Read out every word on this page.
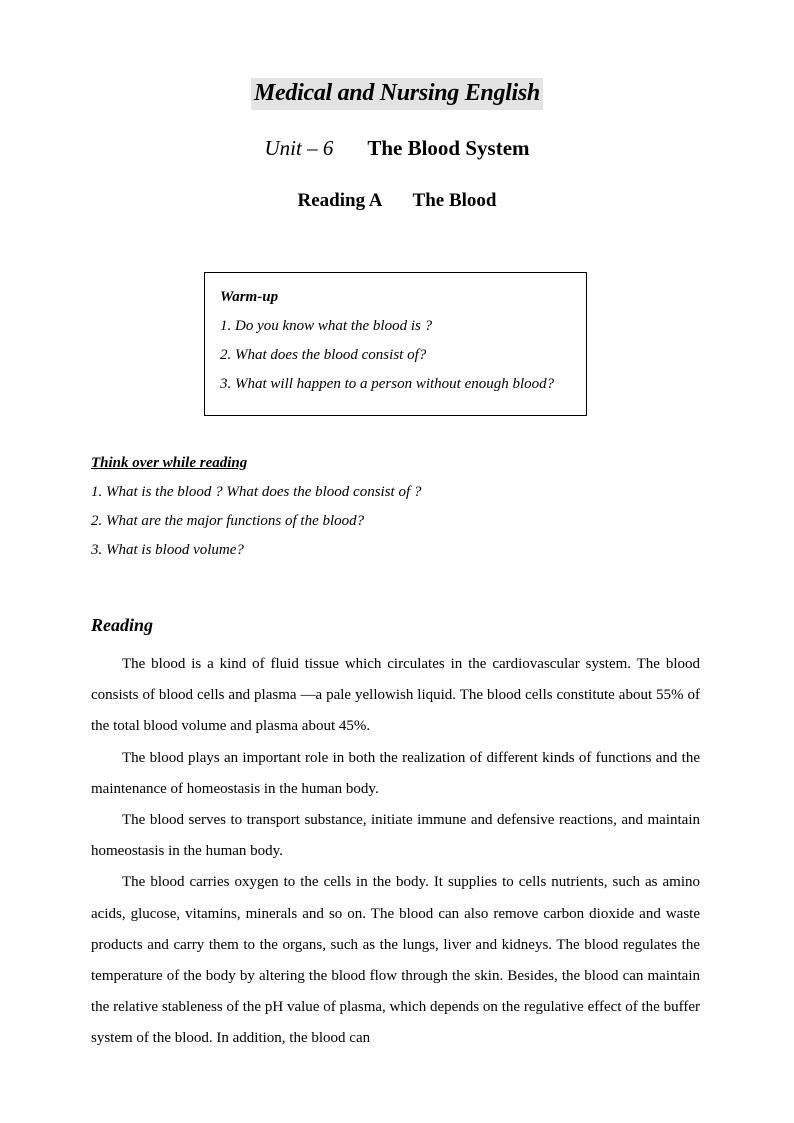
Medical and Nursing English
Unit – 6 The Blood System
Reading A The Blood
Warm-up
1. Do you know what the blood is ?
2. What does the blood consist of?
3. What will happen to a person without enough blood?
Think over while reading
1. What is the blood ? What does the blood consist of ?
2. What are the major functions of the blood?
3. What is blood volume?
Reading

The blood is a kind of fluid tissue which circulates in the cardiovascular system. The blood consists of blood cells and plasma —a pale yellowish liquid. The blood cells constitute about 55% of the total blood volume and plasma about 45%.

The blood plays an important role in both the realization of different kinds of functions and the maintenance of homeostasis in the human body.

The blood serves to transport substance, initiate immune and defensive reactions, and maintain homeostasis in the human body.

The blood carries oxygen to the cells in the body. It supplies to cells nutrients, such as amino acids, glucose, vitamins, minerals and so on. The blood can also remove carbon dioxide and waste products and carry them to the organs, such as the lungs, liver and kidneys. The blood regulates the temperature of the body by altering the blood flow through the skin. Besides, the blood can maintain the relative stableness of the pH value of plasma, which depends on the regulative effect of the buffer system of the blood. In addition, the blood can
